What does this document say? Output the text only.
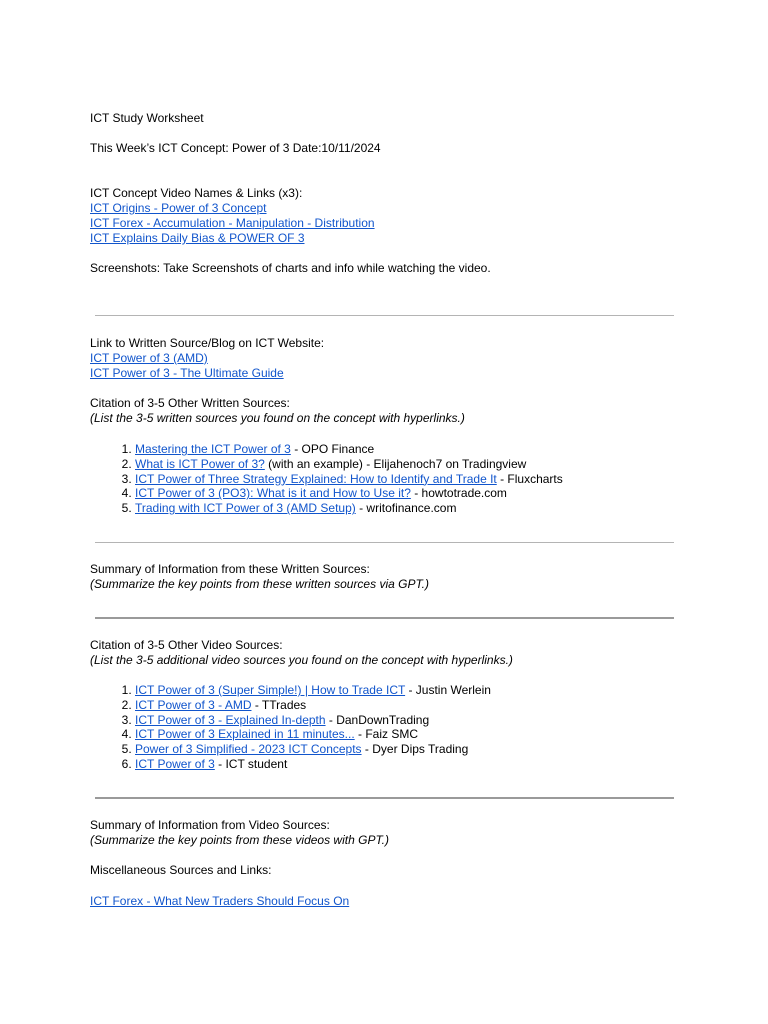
ICT Study Worksheet
This Week’s ICT Concept: Power of 3 Date:10/11/2024
ICT Concept Video Names & Links (x3):
ICT Origins - Power of 3 Concept
ICT Forex - Accumulation - Manipulation - Distribution
ICT Explains Daily Bias & POWER OF 3
Screenshots: Take Screenshots of charts and info while watching the video.
Link to Written Source/Blog on ICT Website:
ICT Power of 3 (AMD)
ICT Power of 3 - The Ultimate Guide
Citation of 3-5 Other Written Sources:
(List the 3-5 written sources you found on the concept with hyperlinks.)
1. Mastering the ICT Power of 3 - OPO Finance
2. What is ICT Power of 3? (with an example) - Elijahenoch7 on Tradingview
3. ICT Power of Three Strategy Explained: How to Identify and Trade It - Fluxcharts
4. ICT Power of 3 (PO3): What is it and How to Use it? - howtotrade.com
5. Trading with ICT Power of 3 (AMD Setup) - writofinance.com
Summary of Information from these Written Sources:
(Summarize the key points from these written sources via GPT.)
Citation of 3-5 Other Video Sources:
(List the 3-5 additional video sources you found on the concept with hyperlinks.)
1. ICT Power of 3 (Super Simple!) | How to Trade ICT - Justin Werlein
2. ICT Power of 3 - AMD - TTrades
3. ICT Power of 3 - Explained In-depth - DanDownTrading
4. ICT Power of 3 Explained in 11 minutes... - Faiz SMC
5. Power of 3 Simplified - 2023 ICT Concepts - Dyer Dips Trading
6. ICT Power of 3 - ICT student
Summary of Information from Video Sources:
(Summarize the key points from these videos with GPT.)
Miscellaneous Sources and Links:
ICT Forex - What New Traders Should Focus On
